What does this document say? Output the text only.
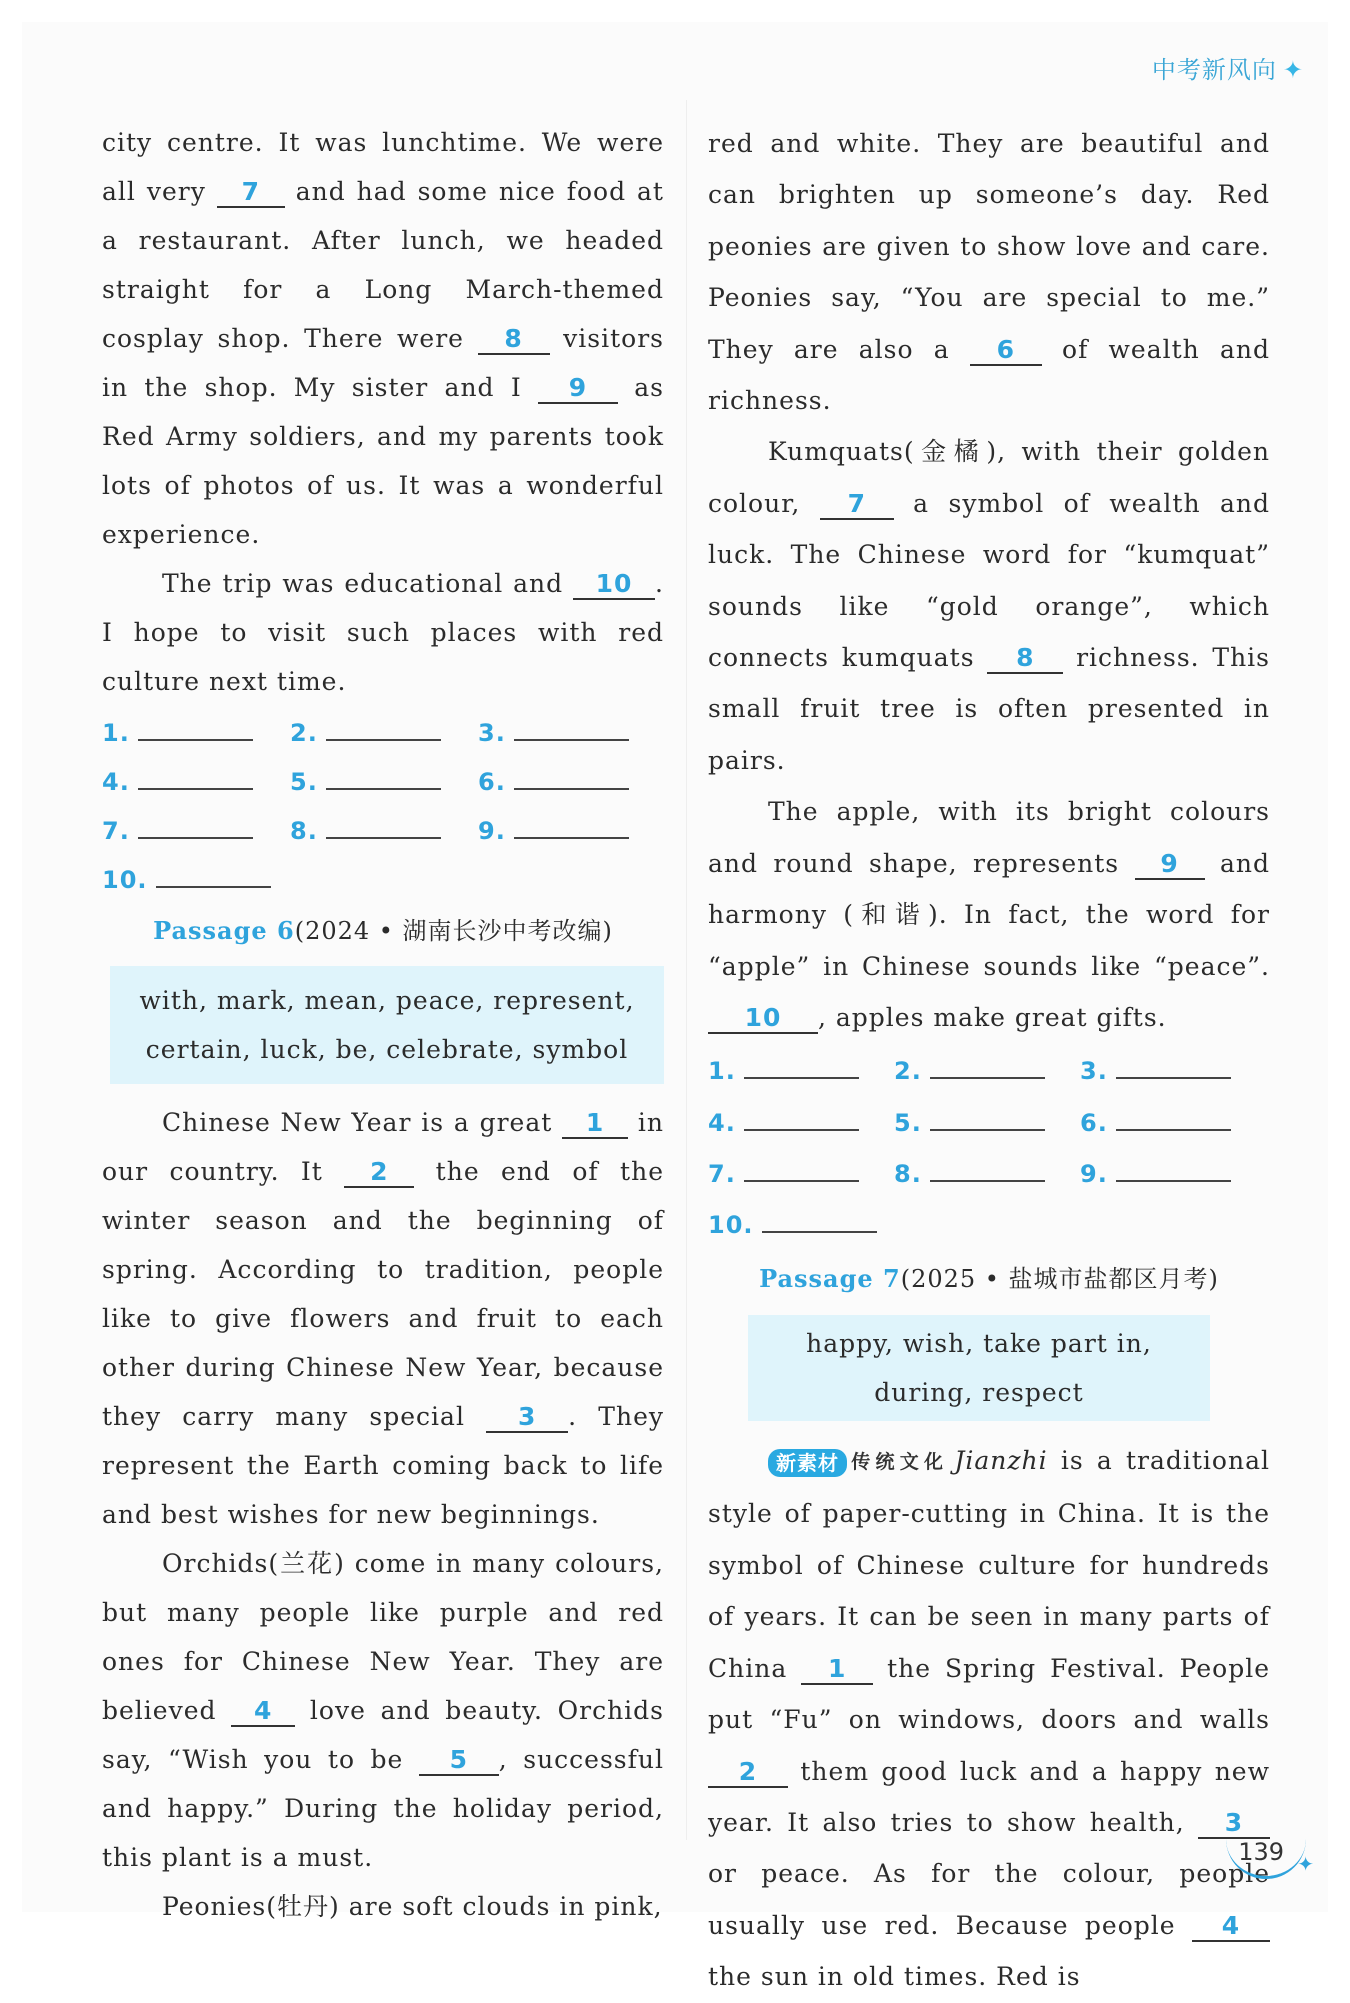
中考新风向 ✦

city centre. It was lunchtime. We were all very 7 and had some nice food at a restaurant. After lunch, we headed straight for a Long March-themed cosplay shop. There were 8 visitors in the shop. My sister and I 9 as Red Army soldiers, and my parents took lots of photos of us. It was a wonderful experience.

The trip was educational and 10 . I hope to visit such places with red culture next time.

1.	2.	3.
4.	5.	6.
7.	8.	9.
10.
Passage 6(2024 • 湖南长沙中考改编)
with, mark, mean, peace, represent,
certain, luck, be, celebrate, symbol

Chinese New Year is a great 1 in our country. It 2 the end of the winter season and the beginning of spring. According to tradition, people like to give flowers and fruit to each other during Chinese New Year, because they carry many special 3 . They represent the Earth coming back to life and best wishes for new beginnings.

Orchids(兰花) come in many colours, but many people like purple and red ones for Chinese New Year. They are believed 4 love and beauty. Orchids say, “Wish you to be 5 , successful and happy.” During the holiday period, this plant is a must.

Peonies(牡丹) are soft clouds in pink,

red and white. They are beautiful and can brighten up someone’s day. Red peonies are given to show love and care. Peonies say, “You are special to me.” They are also a 6 of wealth and richness.

Kumquats(金橘), with their golden colour, 7 a symbol of wealth and luck. The Chinese word for “kumquat” sounds like “gold orange”, which connects kumquats 8 richness. This small fruit tree is often presented in pairs.

The apple, with its bright colours and round shape, represents 9 and harmony (和谐). In fact, the word for “apple” in Chinese sounds like “peace”. 10 , apples make great gifts.

1.	2.	3.
4.	5.	6.
7.	8.	9.
10.
Passage 7(2025 • 盐城市盐都区月考)
happy, wish, take part in,
during, respect

新素材 传统文化 Jianzhi is a traditional style of paper-cutting in China. It is the symbol of Chinese culture for hundreds of years. It can be seen in many parts of China 1 the Spring Festival. People put “Fu” on windows, doors and walls 2 them good luck and a happy new year. It also tries to show health, 3 or peace. As for the colour, people usually use red. Because people 4 the sun in old times. Red is

139 ✦
